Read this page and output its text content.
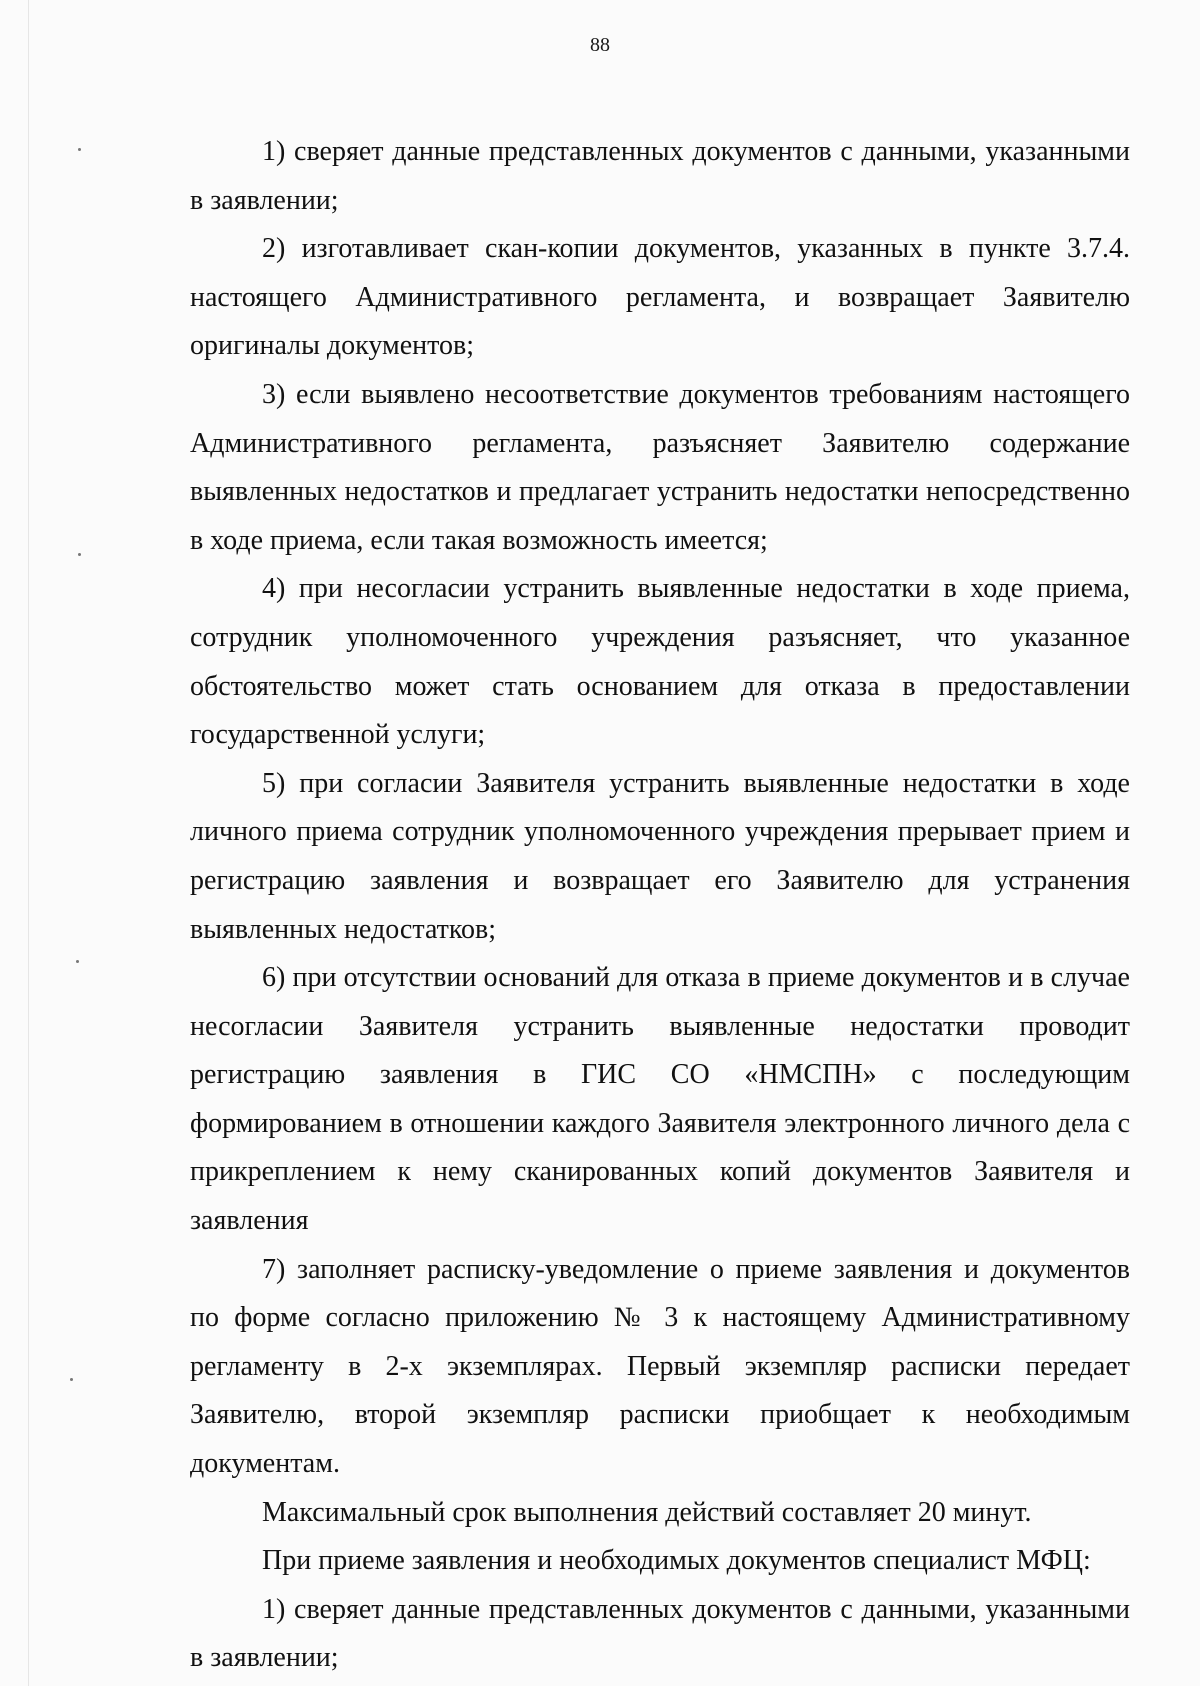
88

1) сверяет данные представленных документов с данными, указанными в заявлении;

2) изготавливает скан-копии документов, указанных в пункте 3.7.4. настоящего Административного регламента, и возвращает Заявителю оригиналы документов;

3) если выявлено несоответствие документов требованиям настоящего Административного регламента, разъясняет Заявителю содержание выявленных недостатков и предлагает устранить недостатки непосредственно в ходе приема, если такая возможность имеется;

4) при несогласии устранить выявленные недостатки в ходе приема, сотрудник уполномоченного учреждения разъясняет, что указанное обстоятельство может стать основанием для отказа в предоставлении государственной услуги;

5) при согласии Заявителя устранить выявленные недостатки в ходе личного приема сотрудник уполномоченного учреждения прерывает прием и регистрацию заявления и возвращает его Заявителю для устранения выявленных недостатков;

6) при отсутствии оснований для отказа в приеме документов и в случае несогласии Заявителя устранить выявленные недостатки проводит регистрацию заявления в ГИС СО «НМСПН» с последующим формированием в отношении каждого Заявителя электронного личного дела с прикреплением к нему сканированных копий документов Заявителя и заявления

7) заполняет расписку-уведомление о приеме заявления и документов по форме согласно приложению № 3 к настоящему Административному регламенту в 2-х экземплярах. Первый экземпляр расписки передает Заявителю, второй экземпляр расписки приобщает к необходимым документам.

Максимальный срок выполнения действий составляет 20 минут.

При приеме заявления и необходимых документов специалист МФЦ:

1) сверяет данные представленных документов с данными, указанными в заявлении;
